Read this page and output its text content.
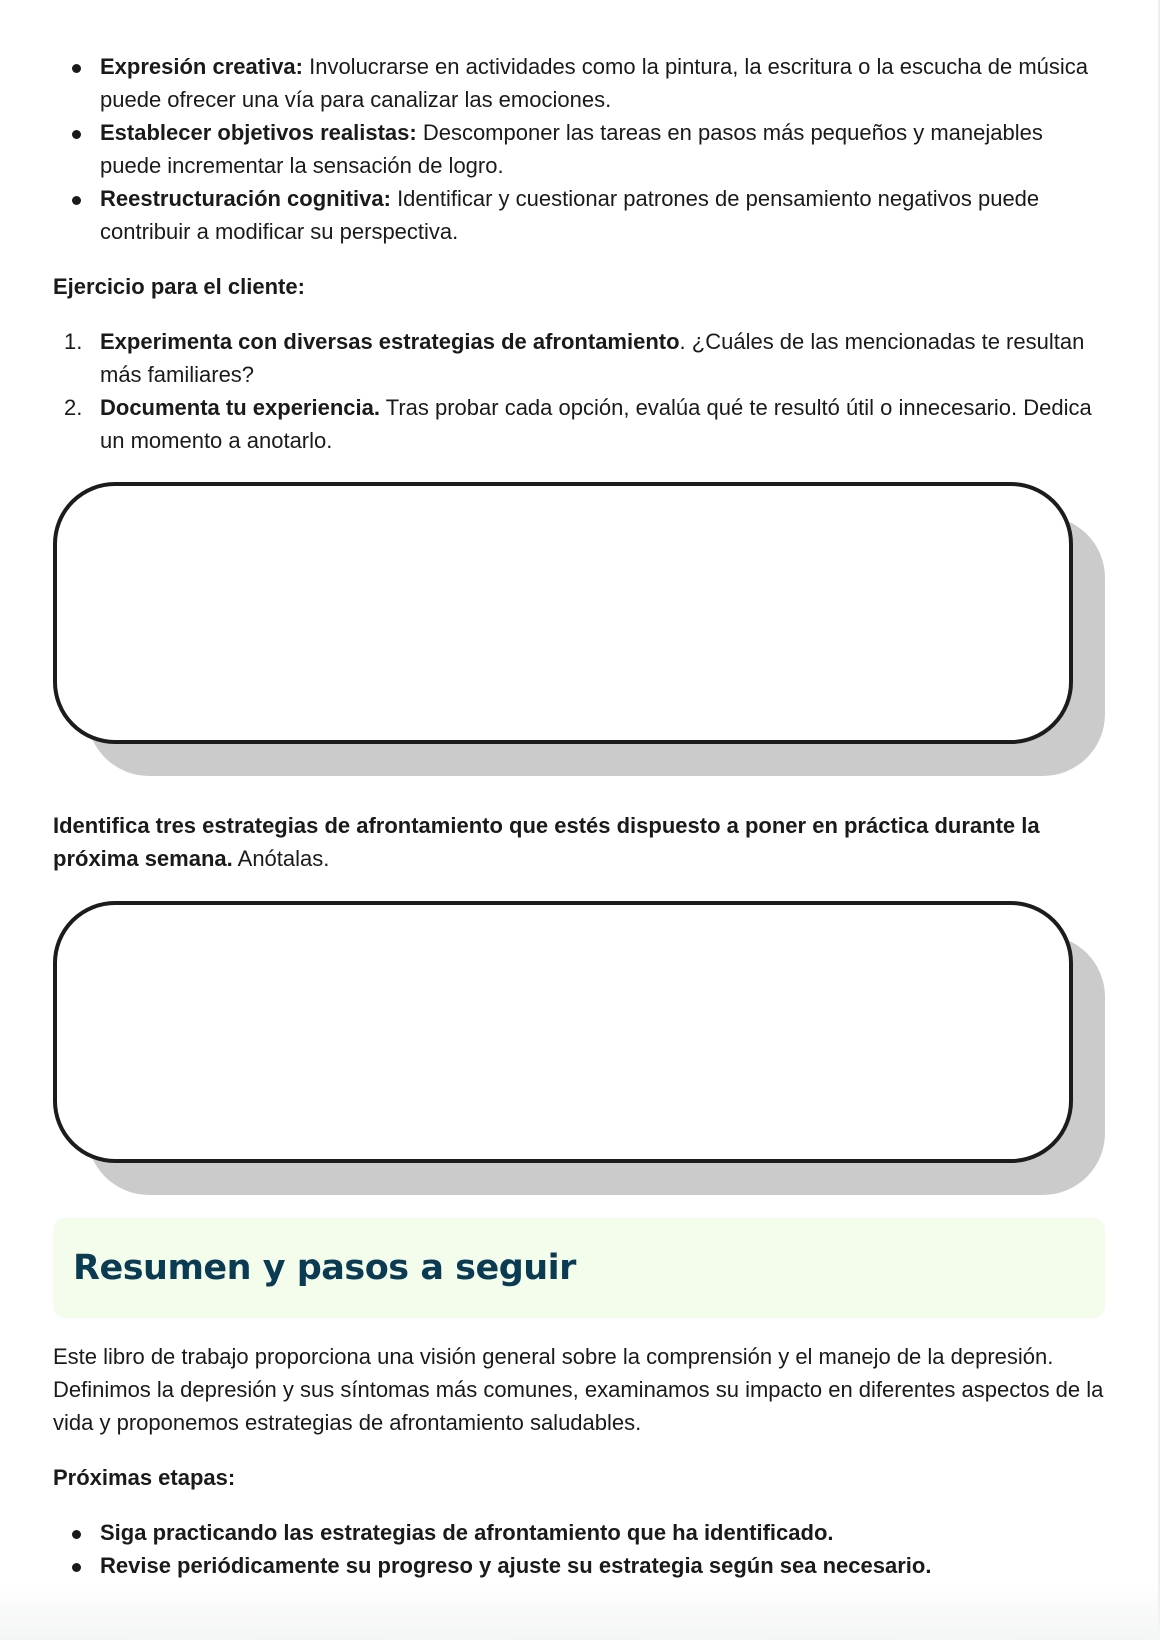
Expresión creativa: Involucrarse en actividades como la pintura, la escritura o la escucha de música puede ofrecer una vía para canalizar las emociones.
Establecer objetivos realistas: Descomponer las tareas en pasos más pequeños y manejables puede incrementar la sensación de logro.
Reestructuración cognitiva: Identificar y cuestionar patrones de pensamiento negativos puede contribuir a modificar su perspectiva.

Ejercicio para el cliente:

1. Experimenta con diversas estrategias de afrontamiento. ¿Cuáles de las mencionadas te resultan más familiares?
2. Documenta tu experiencia. Tras probar cada opción, evalúa qué te resultó útil o innecesario. Dedica un momento a anotarlo.

Identifica tres estrategias de afrontamiento que estés dispuesto a poner en práctica durante la próxima semana. Anótalas.

Resumen y pasos a seguir

Este libro de trabajo proporciona una visión general sobre la comprensión y el manejo de la depresión. Definimos la depresión y sus síntomas más comunes, examinamos su impacto en diferentes aspectos de la vida y proponemos estrategias de afrontamiento saludables.

Próximas etapas:

Siga practicando las estrategias de afrontamiento que ha identificado.
Revise periódicamente su progreso y ajuste su estrategia según sea necesario.
